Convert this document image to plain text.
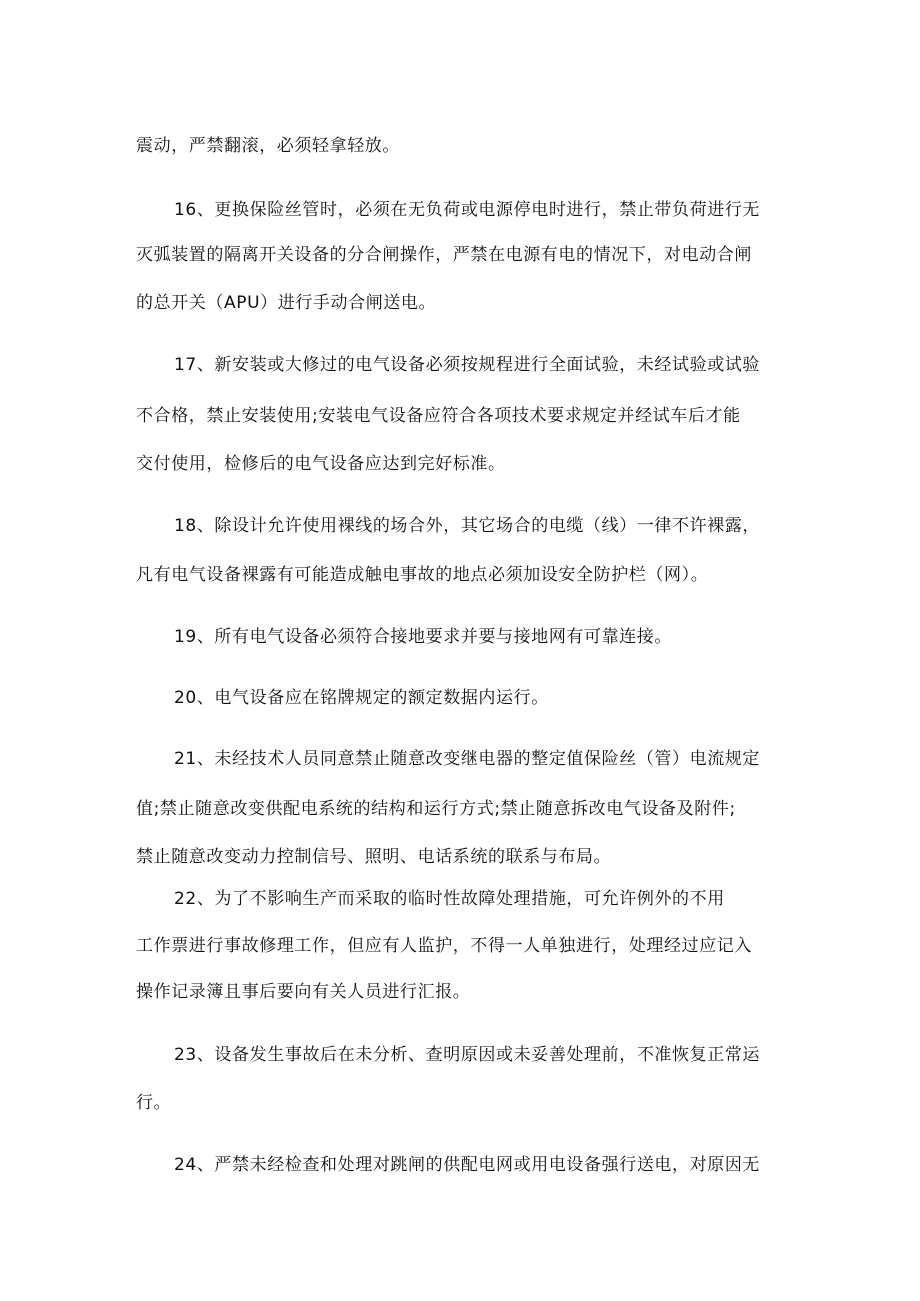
震动，严禁翻滚，必须轻拿轻放。
16、更换保险丝管时，必须在无负荷或电源停电时进行，禁止带负荷进行无
灭弧装置的隔离开关设备的分合闸操作，严禁在电源有电的情况下，对电动合闸
的总开关（APU）进行手动合闸送电。
17、新安装或大修过的电气设备必须按规程进行全面试验，未经试验或试验
不合格，禁止安装使用;安装电气设备应符合各项技术要求规定并经试车后才能
交付使用，检修后的电气设备应达到完好标准。
18、除设计允许使用裸线的场合外，其它场合的电缆（线）一律不许裸露，
凡有电气设备裸露有可能造成触电事故的地点必须加设安全防护栏（网）。
19、所有电气设备必须符合接地要求并要与接地网有可靠连接。
20、电气设备应在铭牌规定的额定数据内运行。
21、未经技术人员同意禁止随意改变继电器的整定值保险丝（管）电流规定
值;禁止随意改变供配电系统的结构和运行方式;禁止随意拆改电气设备及附件;
禁止随意改变动力控制信号、照明、电话系统的联系与布局。
22、为了不影响生产而采取的临时性故障处理措施，可允许例外的不用
工作票进行事故修理工作，但应有人监护，不得一人单独进行，处理经过应记入
操作记录簿且事后要向有关人员进行汇报。
23、设备发生事故后在未分析、查明原因或未妥善处理前，不准恢复正常运
行。
24、严禁未经检查和处理对跳闸的供配电网或用电设备强行送电，对原因无
